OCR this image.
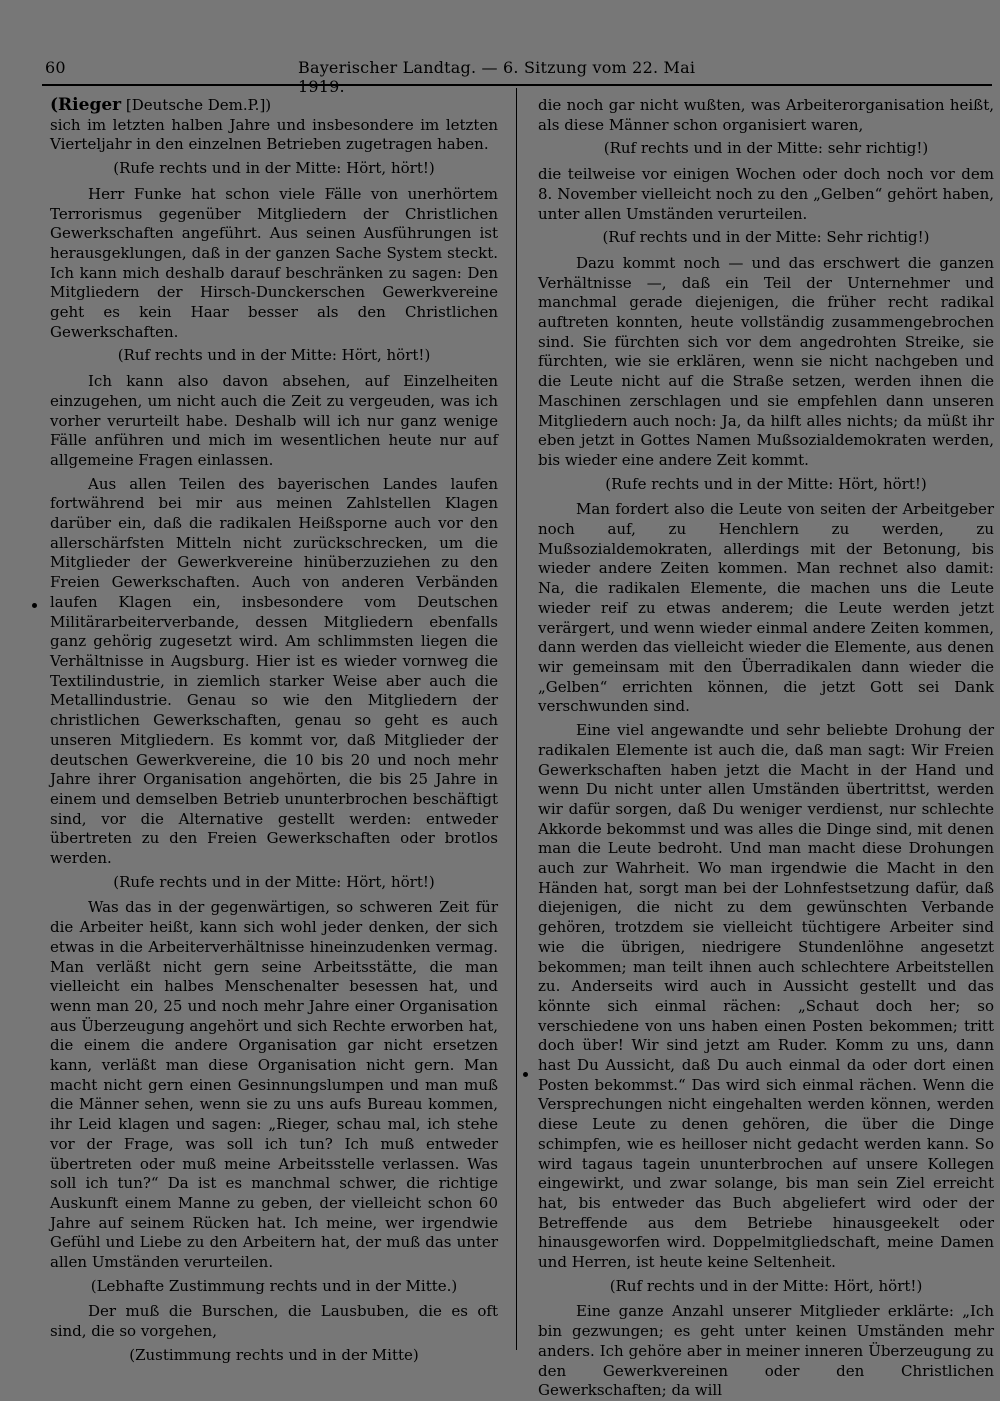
60	Bayerischer Landtag. — 6. Sitzung vom 22. Mai 1919.

(Rieger [Deutsche Dem.P.])

sich im letzten halben Jahre und insbesondere im letzten Vierteljahr in den einzelnen Betrieben zugetragen haben.

(Rufe rechts und in der Mitte: Hört, hört!)

Herr Funke hat schon viele Fälle von unerhörtem Terrorismus gegenüber Mitgliedern der Christlichen Gewerkschaften angeführt. Aus seinen Ausführungen ist herausgeklungen, daß in der ganzen Sache System steckt. Ich kann mich deshalb darauf beschränken zu sagen: Den Mitgliedern der Hirsch-Dunckerschen Gewerkvereine geht es kein Haar besser als den Christlichen Gewerkschaften.

(Ruf rechts und in der Mitte: Hört, hört!)

Ich kann also davon absehen, auf Einzelheiten einzugehen, um nicht auch die Zeit zu vergeuden, was ich vorher verurteilt habe. Deshalb will ich nur ganz wenige Fälle anführen und mich im wesentlichen heute nur auf allgemeine Fragen einlassen.

Aus allen Teilen des bayerischen Landes laufen fortwährend bei mir aus meinen Zahlstellen Klagen darüber ein, daß die radikalen Heißsporne auch vor den allerschärfsten Mitteln nicht zurückschrecken, um die Mitglieder der Gewerkvereine hinüberzuziehen zu den Freien Gewerkschaften. Auch von anderen Verbänden laufen Klagen ein, insbesondere vom Deutschen Militärarbeiterverbande, dessen Mitgliedern ebenfalls ganz gehörig zugesetzt wird. Am schlimmsten liegen die Verhältnisse in Augsburg. Hier ist es wieder vornweg die Textilindustrie, in ziemlich starker Weise aber auch die Metallindustrie. Genau so wie den Mitgliedern der christlichen Gewerkschaften, genau so geht es auch unseren Mitgliedern. Es kommt vor, daß Mitglieder der deutschen Gewerkvereine, die 10 bis 20 und noch mehr Jahre ihrer Organisation angehörten, die bis 25 Jahre in einem und demselben Betrieb ununterbrochen beschäftigt sind, vor die Alternative gestellt werden: entweder übertreten zu den Freien Gewerkschaften oder brotlos werden.

(Rufe rechts und in der Mitte: Hört, hört!)

Was das in der gegenwärtigen, so schweren Zeit für die Arbeiter heißt, kann sich wohl jeder denken, der sich etwas in die Arbeiterverhältnisse hineinzudenken vermag. Man verläßt nicht gern seine Arbeitsstätte, die man vielleicht ein halbes Menschenalter besessen hat, und wenn man 20, 25 und noch mehr Jahre einer Organisation aus Überzeugung angehört und sich Rechte erworben hat, die einem die andere Organisation gar nicht ersetzen kann, verläßt man diese Organisation nicht gern. Man macht nicht gern einen Gesinnungslumpen und man muß die Männer sehen, wenn sie zu uns aufs Bureau kommen, ihr Leid klagen und sagen: „Rieger, schau mal, ich stehe vor der Frage, was soll ich tun? Ich muß entweder übertreten oder muß meine Arbeitsstelle verlassen. Was soll ich tun?“ Da ist es manchmal schwer, die richtige Auskunft einem Manne zu geben, der vielleicht schon 60 Jahre auf seinem Rücken hat. Ich meine, wer irgendwie Gefühl und Liebe zu den Arbeitern hat, der muß das unter allen Umständen verurteilen.

(Lebhafte Zustimmung rechts und in der Mitte.)

Der muß die Burschen, die Lausbuben, die es oft sind, die so vorgehen,

(Zustimmung rechts und in der Mitte)

die noch gar nicht wußten, was Arbeiterorganisation heißt, als diese Männer schon organisiert waren,

(Ruf rechts und in der Mitte: sehr richtig!)

die teilweise vor einigen Wochen oder doch noch vor dem 8. November vielleicht noch zu den „Gelben“ gehört haben, unter allen Umständen verurteilen.

(Ruf rechts und in der Mitte: Sehr richtig!)

Dazu kommt noch — und das erschwert die ganzen Verhältnisse —, daß ein Teil der Unternehmer und manchmal gerade diejenigen, die früher recht radikal auftreten konnten, heute vollständig zusammengebrochen sind. Sie fürchten sich vor dem angedrohten Streike, sie fürchten, wie sie erklären, wenn sie nicht nachgeben und die Leute nicht auf die Straße setzen, werden ihnen die Maschinen zerschlagen und sie empfehlen dann unseren Mitgliedern auch noch: Ja, da hilft alles nichts; da müßt ihr eben jetzt in Gottes Namen Mußsozialdemokraten werden, bis wieder eine andere Zeit kommt.

(Rufe rechts und in der Mitte: Hört, hört!)

Man fordert also die Leute von seiten der Arbeitgeber noch auf, zu Henchlern zu werden, zu Mußsozialdemokraten, allerdings mit der Betonung, bis wieder andere Zeiten kommen. Man rechnet also damit: Na, die radikalen Elemente, die machen uns die Leute wieder reif zu etwas anderem; die Leute werden jetzt verärgert, und wenn wieder einmal andere Zeiten kommen, dann werden das vielleicht wieder die Elemente, aus denen wir gemeinsam mit den Überradikalen dann wieder die „Gelben“ errichten können, die jetzt Gott sei Dank verschwunden sind.

Eine viel angewandte und sehr beliebte Drohung der radikalen Elemente ist auch die, daß man sagt: Wir Freien Gewerkschaften haben jetzt die Macht in der Hand und wenn Du nicht unter allen Umständen übertrittst, werden wir dafür sorgen, daß Du weniger verdienst, nur schlechte Akkorde bekommst und was alles die Dinge sind, mit denen man die Leute bedroht. Und man macht diese Drohungen auch zur Wahrheit. Wo man irgendwie die Macht in den Händen hat, sorgt man bei der Lohnfestsetzung dafür, daß diejenigen, die nicht zu dem gewünschten Verbande gehören, trotzdem sie vielleicht tüchtigere Arbeiter sind wie die übrigen, niedrigere Stundenlöhne angesetzt bekommen; man teilt ihnen auch schlechtere Arbeitstellen zu. Anderseits wird auch in Aussicht gestellt und das könnte sich einmal rächen: „Schaut doch her; so verschiedene von uns haben einen Posten bekommen; tritt doch über! Wir sind jetzt am Ruder. Komm zu uns, dann hast Du Aussicht, daß Du auch einmal da oder dort einen Posten bekommst.“ Das wird sich einmal rächen. Wenn die Versprechungen nicht eingehalten werden können, werden diese Leute zu denen gehören, die über die Dinge schimpfen, wie es heilloser nicht gedacht werden kann. So wird tagaus tagein ununterbrochen auf unsere Kollegen eingewirkt, und zwar solange, bis man sein Ziel erreicht hat, bis entweder das Buch abgeliefert wird oder der Betreffende aus dem Betriebe hinausgeekelt oder hinausgeworfen wird. Doppelmitgliedschaft, meine Damen und Herren, ist heute keine Seltenheit.

(Ruf rechts und in der Mitte: Hört, hört!)

Eine ganze Anzahl unserer Mitglieder erklärte: „Ich bin gezwungen; es geht unter keinen Umständen mehr anders. Ich gehöre aber in meiner inneren Überzeugung zu den Gewerkvereinen oder den Christlichen Gewerkschaften; da will
